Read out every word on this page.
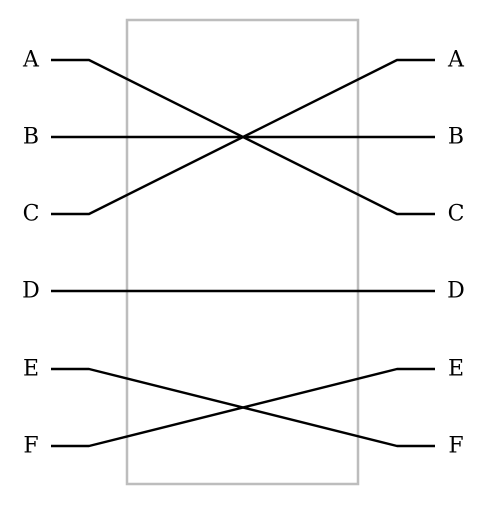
A
B
C
D
E
F
A
B
C
D
E
F
